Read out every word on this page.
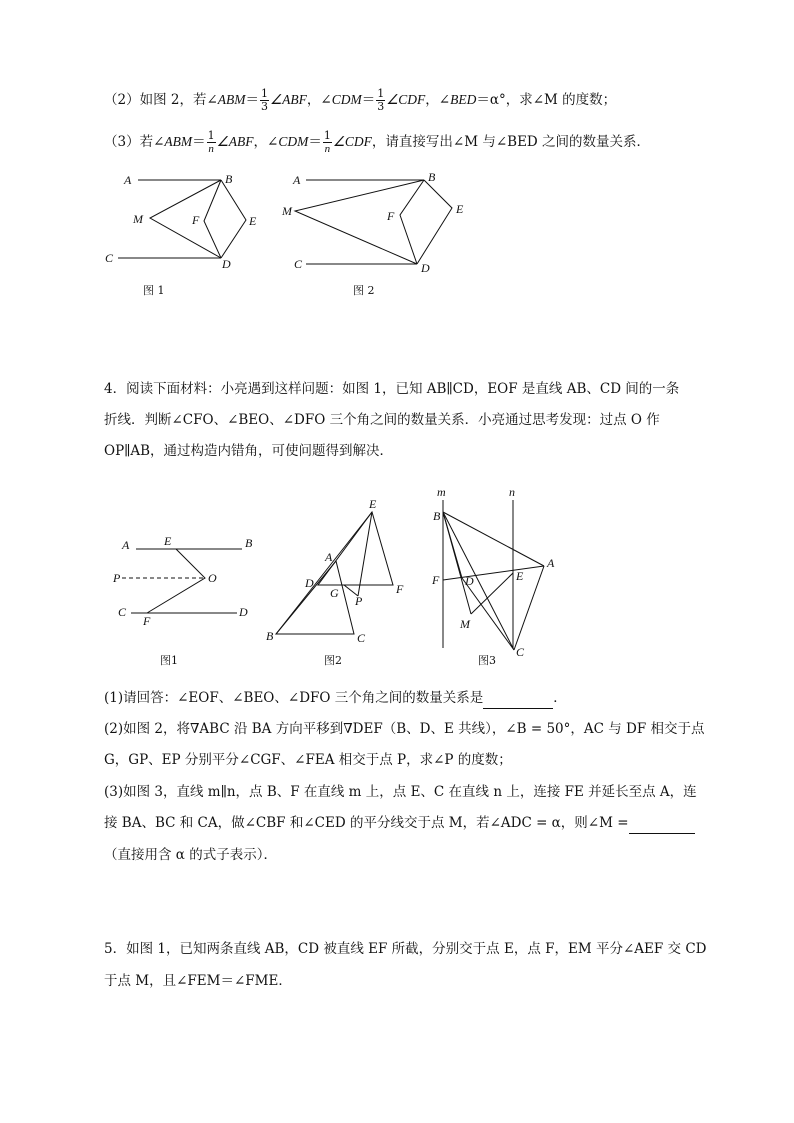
（2）如图 2，若∠ABM＝ $\frac{1}{3}$ ∠ABF，∠CDM＝ $\frac{1}{3}$ ∠CDF，∠BED＝α°，求∠M 的度数；
（3）若∠ABM＝ $\frac{1}{n}$ ∠ABF，∠CDM＝ $\frac{1}{n}$ ∠CDF，请直接写出∠M 与∠BED 之间的数量关系．
A	B
M	F	E
C	D
图 1
A	B
M	F	E
C	D
图 2
4．阅读下面材料：小亮遇到这样问题：如图 1，已知 AB∥CD，EOF 是直线 AB、CD 间的一条
折线．判断∠CFO、∠BEO、∠DFO 三个角之间的数量关系．小亮通过思考发现：过点 O 作
OP∥AB，通过构造内错角，可使问题得到解决．
A	E	B
P	O
C
F
D
图1
E
A
D
G
P
F
B	C
图2
m	n
B
A
F D	E
M
C
图3
(1)请回答：∠EOF、∠BEO、∠DFO 三个角之间的数量关系是	．
(2)如图 2，将∇ABC 沿 BA 方向平移到∇DEF（B、D、E 共线），∠B = 50°，AC 与 DF 相交于点
G，GP、EP 分别平分∠CGF、∠FEA 相交于点 P，求∠P 的度数；
(3)如图 3，直线 m∥n，点 B、F 在直线 m 上，点 E、C 在直线 n 上，连接 FE 并延长至点 A，连
接 BA、BC 和 CA，做∠CBF 和∠CED 的平分线交于点 M，若∠ADC = α，则∠M =
（直接用含 α 的式子表示）．
5．如图 1，已知两条直线 AB，CD 被直线 EF 所截，分别交于点 E，点 F，EM 平分∠AEF 交 CD
于点 M，且∠FEM＝∠FME．
